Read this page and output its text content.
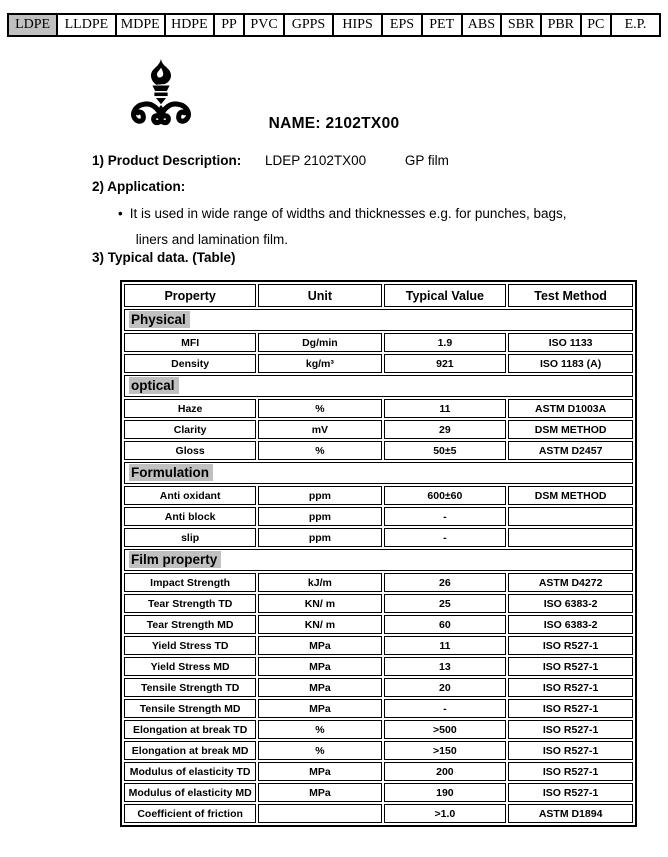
LDPE LLDPE MDPE HDPE PP PVC GPPS HIPS EPS PET ABS SBR PBR PC E.P.
NAME: 2102TX00
1) Product Description: LDEP 2102TX00	GP film
2) Application:
• It is used in wide range of widths and thicknesses e.g. for punches, bags,

liners and lamination film.

3) Typical data. (Table)
Property	Unit	Typical Value	Test Method
Physical			
MFI	Dg/min	1.9	ISO 1133
Density	kg/m³	921	ISO 1183 (A)
optical			
Haze	%	11	ASTM D1003A
Clarity	mV	29	DSM METHOD
Gloss	%	50±5	ASTM D2457
Formulation			
Anti oxidant	ppm	600±60	DSM METHOD
Anti block	ppm	-	
slip	ppm	-	
Film property			
Impact Strength	kJ/m	26	ASTM D4272
Tear Strength TD	KN/ m	25	ISO 6383-2
Tear Strength MD	KN/ m	60	ISO 6383-2
Yield Stress TD	MPa	11	ISO R527-1
Yield Stress MD	MPa	13	ISO R527-1
Tensile Strength TD	MPa	20	ISO R527-1
Tensile Strength MD	MPa	-	ISO R527-1
Elongation at break TD	%	>500	ISO R527-1
Elongation at break MD	%	>150	ISO R527-1
Modulus of elasticity TD	MPa	200	ISO R527-1
Modulus of elasticity MD	MPa	190	ISO R527-1
Coefficient of friction		>1.0	ASTM D1894
